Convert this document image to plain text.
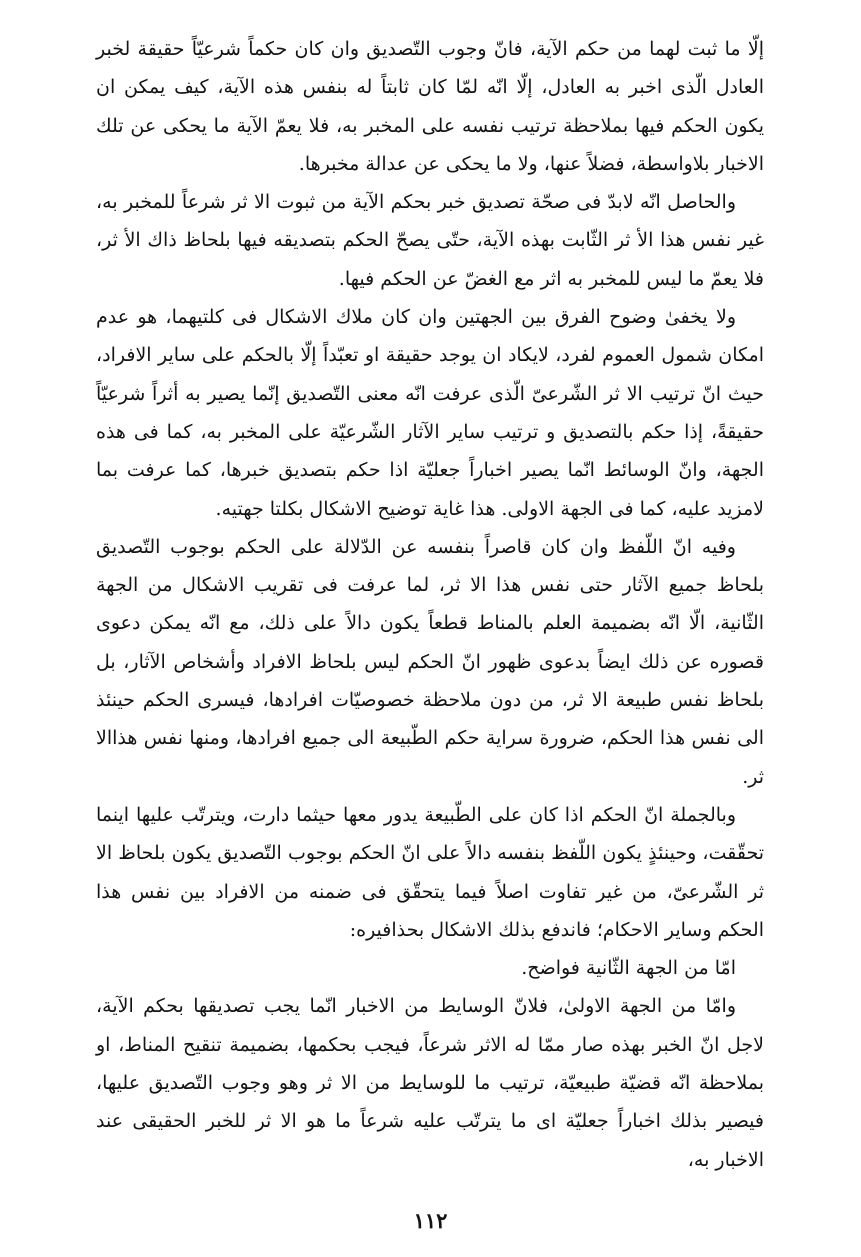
إلّا ما ثبت لهما من حكم الآية، فانّ وجوب التّصديق وان كان حكماً شرعيّاً حقيقة لخبر العادل الّذى اخبر به العادل، إلّا انّه لمّا كان ثابتاً له بنفس هذه الآية، كيف يمكن ان يكون الحكم فيها بملاحظة ترتيب نفسه على المخبر به، فلا يعمّ الآية ما يحكى عن تلك الاخبار بلاواسطة، فضلاً عنها، ولا ما يحكى عن عدالة مخبرها.

والحاصل انّه لابدّ فى صحّة تصديق خبر بحكم الآية من ثبوت الا ثر شرعاً للمخبر به، غير نفس هذا الأ ثر الثّابت بهذه الآية، حتّى يصحّ الحكم بتصديقه فيها بلحاظ ذاك الأ ثر، فلا يعمّ ما ليس للمخبر به اثر مع الغضّ عن الحكم فيها.

ولا يخفىٰ وضوح الفرق بين الجهتين وان كان ملاك الاشكال فى كلتيهما، هو عدم امكان شمول العموم لفرد، لايكاد ان يوجد حقيقة او تعبّداً إلّا بالحكم على ساير الافراد، حيث انّ ترتيب الا ثر الشّرعىّ الّذى عرفت انّه معنى التّصديق إنّما يصير به أثراً شرعيّاً حقيقةً، إذا حكم بالتصديق و ترتيب ساير الآثار الشّرعيّة على المخبر به، كما فى هذه الجهة، وانّ الوسائط انّما يصير اخباراً جعليّة اذا حكم بتصديق خبرها، كما عرفت بما لامزيد عليه، كما فى الجهة الاولى. هذا غاية توضيح الاشكال بكلتا جهتيه.

وفيه انّ اللّفظ وان كان قاصراً بنفسه عن الدّلالة على الحكم بوجوب التّصديق بلحاظ جميع الآثار حتى نفس هذا الا ثر، لما عرفت فى تقريب الاشكال من الجهة الثّانية، الّا انّه بضميمة العلم بالمناط قطعاً يكون دالاً على ذلك، مع انّه يمكن دعوى قصوره عن ذلك ايضاً بدعوى ظهور انّ الحكم ليس بلحاظ الافراد وأشخاص الآثار، بل بلحاظ نفس طبيعة الا ثر، من دون ملاحظة خصوصيّات افرادها، فيسرى الحكم حينئذ الى نفس هذا الحكم، ضرورة سراية حكم الطّبيعة الى جميع افرادها، ومنها نفس هذاالا ثر.

وبالجملة انّ الحكم اذا كان على الطّبيعة يدور معها حيثما دارت، ويترتّب عليها اينما تحقّقت، وحينئذٍ يكون اللّفظ بنفسه دالاً على انّ الحكم بوجوب التّصديق يكون بلحاظ الا ثر الشّرعىّ، من غير تفاوت اصلاً فيما يتحقّق فى ضمنه من الافراد بين نفس هذا الحكم وساير الاحكام؛ فاندفع بذلك الاشكال بحذافيره:

امّا من الجهة الثّانية فواضح.

وامّا من الجهة الاولىٰ، فلانّ الوسايط من الاخبار انّما يجب تصديقها بحكم الآية، لاجل انّ الخبر بهذه صار ممّا له الاثر شرعاً، فيجب بحكمها، بضميمة تنقيح المناط، او بملاحظة انّه قضيّة طبيعيّة، ترتيب ما للوسايط من الا ثر وهو وجوب التّصديق عليها، فيصير بذلك اخباراً جعليّة اى ما يترتّب عليه شرعاً ما هو الا ثر للخبر الحقيقى عند الاخبار به،

١١٢
